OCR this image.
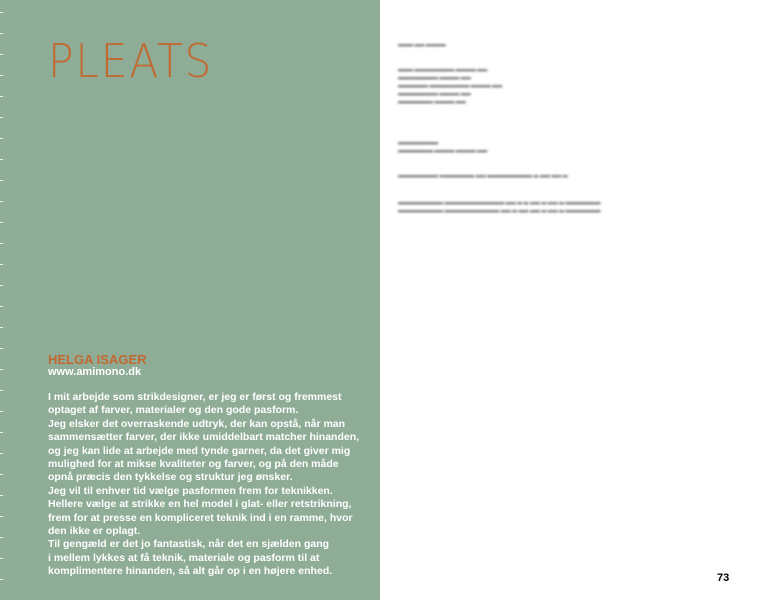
PLEATS
HELGA ISAGER
www.amimono.dk

I mit arbejde som strikdesigner, er jeg er først og fremmest
optaget af farver, materialer og den gode pasform.
Jeg elsker det overraskende udtryk, der kan opstå, når man
sammensætter farver, der ikke umiddelbart matcher hinanden,
og jeg kan lide at arbejde med tynde garner, da det giver mig
mulighed for at mikse kvaliteter og farver, og på den måde
opnå præcis den tykkelse og struktur jeg ønsker.

Jeg vil til enhver tid vælge pasformen frem for teknikken.
Hellere vælge at strikke en hel model i glat- eller retstrikning,
frem for at presse en kompliceret teknik ind i en ramme, hvor
den ikke er oplagt.

Til gengæld er det jo fantastisk, når det en sjælden gang
i mellem lykkes at få teknik, materiale og pasform til at
komplimentere hinanden, så alt går op i en højere enhed.

▬▬▬ ▬▬ ▬▬▬▬
▬▬▬ ▬▬▬▬▬▬▬▬ ▬▬▬▬ ▬▬
▬▬▬▬▬▬▬▬ ▬▬▬▬ ▬▬
▬▬▬▬▬▬ ▬▬▬▬▬▬▬▬ ▬▬▬▬ ▬▬
▬▬▬▬▬▬▬▬ ▬▬▬▬ ▬▬
▬▬▬▬▬▬▬ ▬▬▬▬ ▬▬
▬▬▬▬▬▬▬▬
▬▬▬▬▬▬▬ ▬▬▬▬ ▬▬▬▬ ▬▬
▬▬▬▬▬▬▬▬ ▬▬▬▬▬▬▬ ▬▬ ▬▬▬▬▬▬▬▬▬ ▬ ▬▬ ▬▬ ▬
▬▬▬▬▬▬▬▬▬ ▬▬▬▬▬▬▬▬▬▬▬▬ ▬▬ ▬ ▬ ▬▬ ▬ ▬▬ ▬ ▬▬▬▬▬▬▬
▬▬▬▬▬▬▬▬▬ ▬▬▬▬▬▬▬▬▬▬▬ ▬▬ ▬ ▬▬ ▬▬ ▬ ▬▬ ▬ ▬▬▬▬▬▬▬
73
